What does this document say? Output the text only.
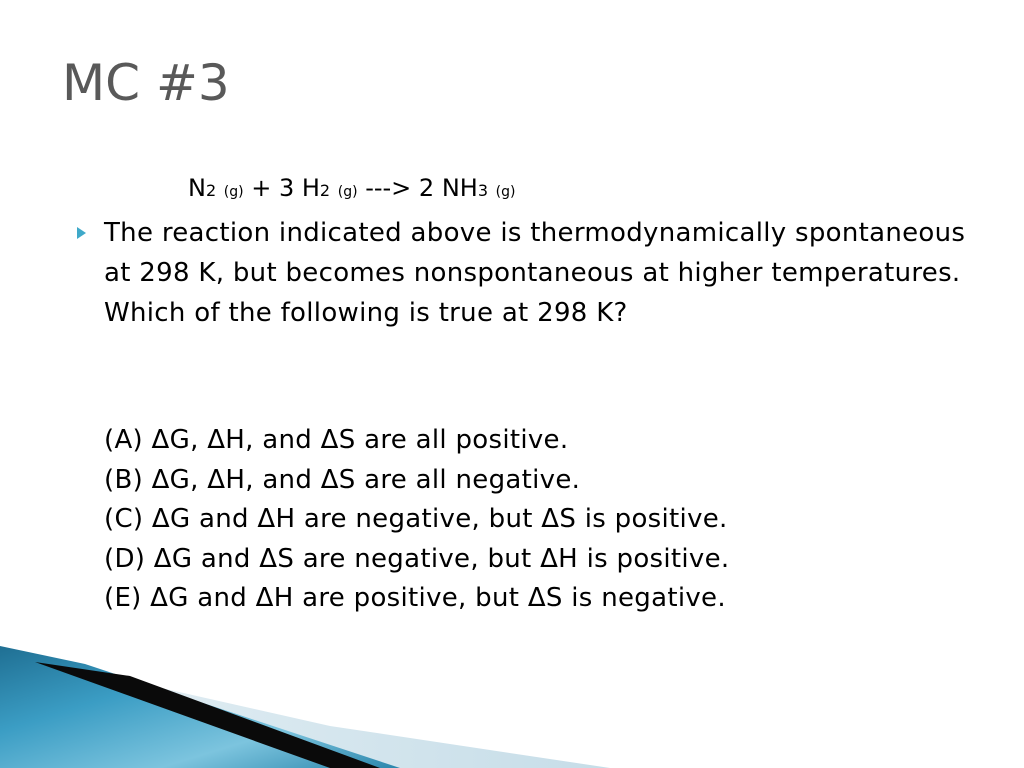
MC #3
N2 (g) + 3 H2 (g) ---> 2 NH3 (g)

The reaction indicated above is thermodynamically spontaneous at 298 K, but becomes nonspontaneous at higher temperatures. Which of the following is true at 298 K?

(A) ΔG, ΔH, and ΔS are all positive.
(B) ΔG, ΔH, and ΔS are all negative.
(C) ΔG and ΔH are negative, but ΔS is positive.
(D) ΔG and ΔS are negative, but ΔH is positive.
(E) ΔG and ΔH are positive, but ΔS is negative.
